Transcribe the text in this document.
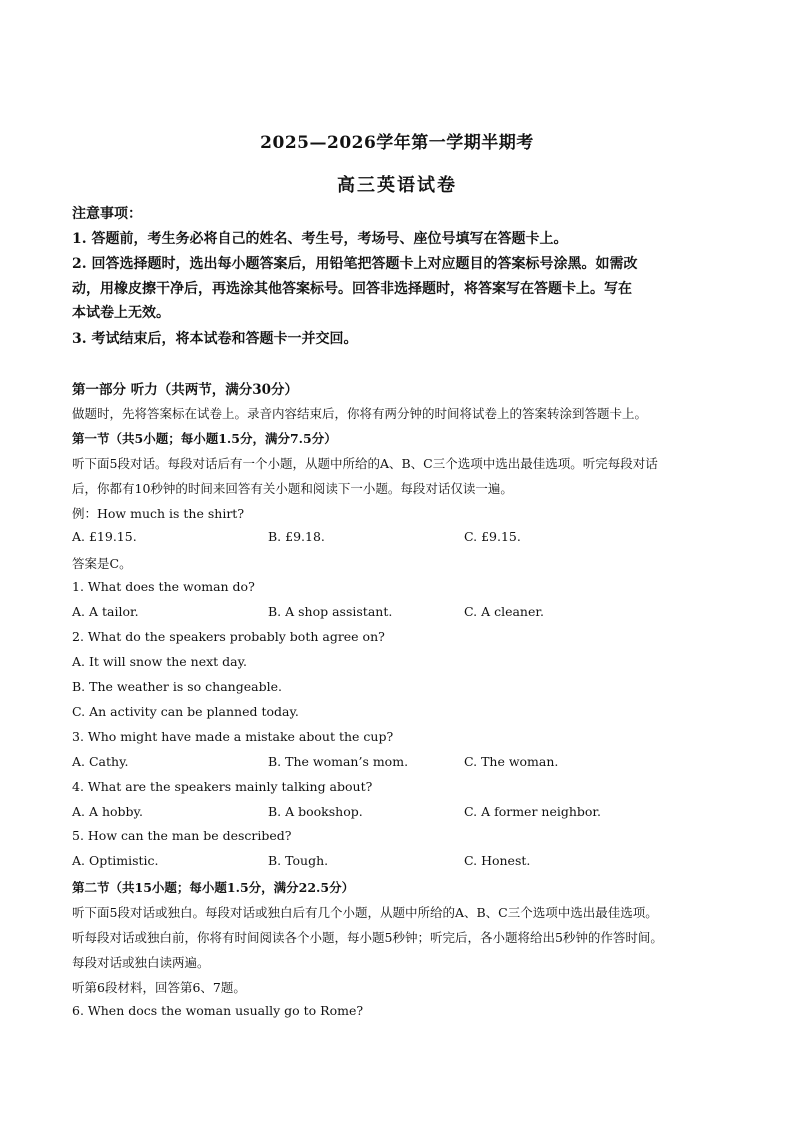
2025—2026学年第一学期半期考
高三英语试卷
注意事项：
1. 答题前，考生务必将自己的姓名、考生号，考场号、座位号填写在答题卡上。
2. 回答选择题时，选出每小题答案后，用铅笔把答题卡上对应题目的答案标号涂黑。如需改
动，用橡皮擦干净后，再选涂其他答案标号。回答非选择题时，将答案写在答题卡上。写在
本试卷上无效。
3. 考试结束后，将本试卷和答题卡一并交回。
第一部分 听力（共两节，满分30分）
做题时，先将答案标在试卷上。录音内容结束后，你将有两分钟的时间将试卷上的答案转涂到答题卡上。
第一节（共5小题；每小题1.5分，满分7.5分）
听下面5段对话。每段对话后有一个小题，从题中所给的A、B、C三个选项中选出最佳选项。听完每段对话
后，你都有10秒钟的时间来回答有关小题和阅读下一小题。每段对话仅读一遍。
例：How much is the shirt?
A. £19.15.	B. £9.18.	C. £9.15.
答案是C。
1. What does the woman do?
A. A tailor.	B. A shop assistant.	C. A cleaner.
2. What do the speakers probably both agree on?
A. It will snow the next day.
B. The weather is so changeable.
C. An activity can be planned today.
3. Who might have made a mistake about the cup?
A. Cathy.	B. The woman’s mom.	C. The woman.
4. What are the speakers mainly talking about?
A. A hobby.	B. A bookshop.	C. A former neighbor.
5. How can the man be described?
A. Optimistic.	B. Tough.	C. Honest.
第二节（共15小题；每小题1.5分，满分22.5分）
听下面5段对话或独白。每段对话或独白后有几个小题，从题中所给的A、B、C三个选项中选出最佳选项。
听每段对话或独白前，你将有时间阅读各个小题，每小题5秒钟；听完后，各小题将给出5秒钟的作答时间。
每段对话或独白读两遍。
听第6段材料，回答第6、7题。
6. When docs the woman usually go to Rome?
